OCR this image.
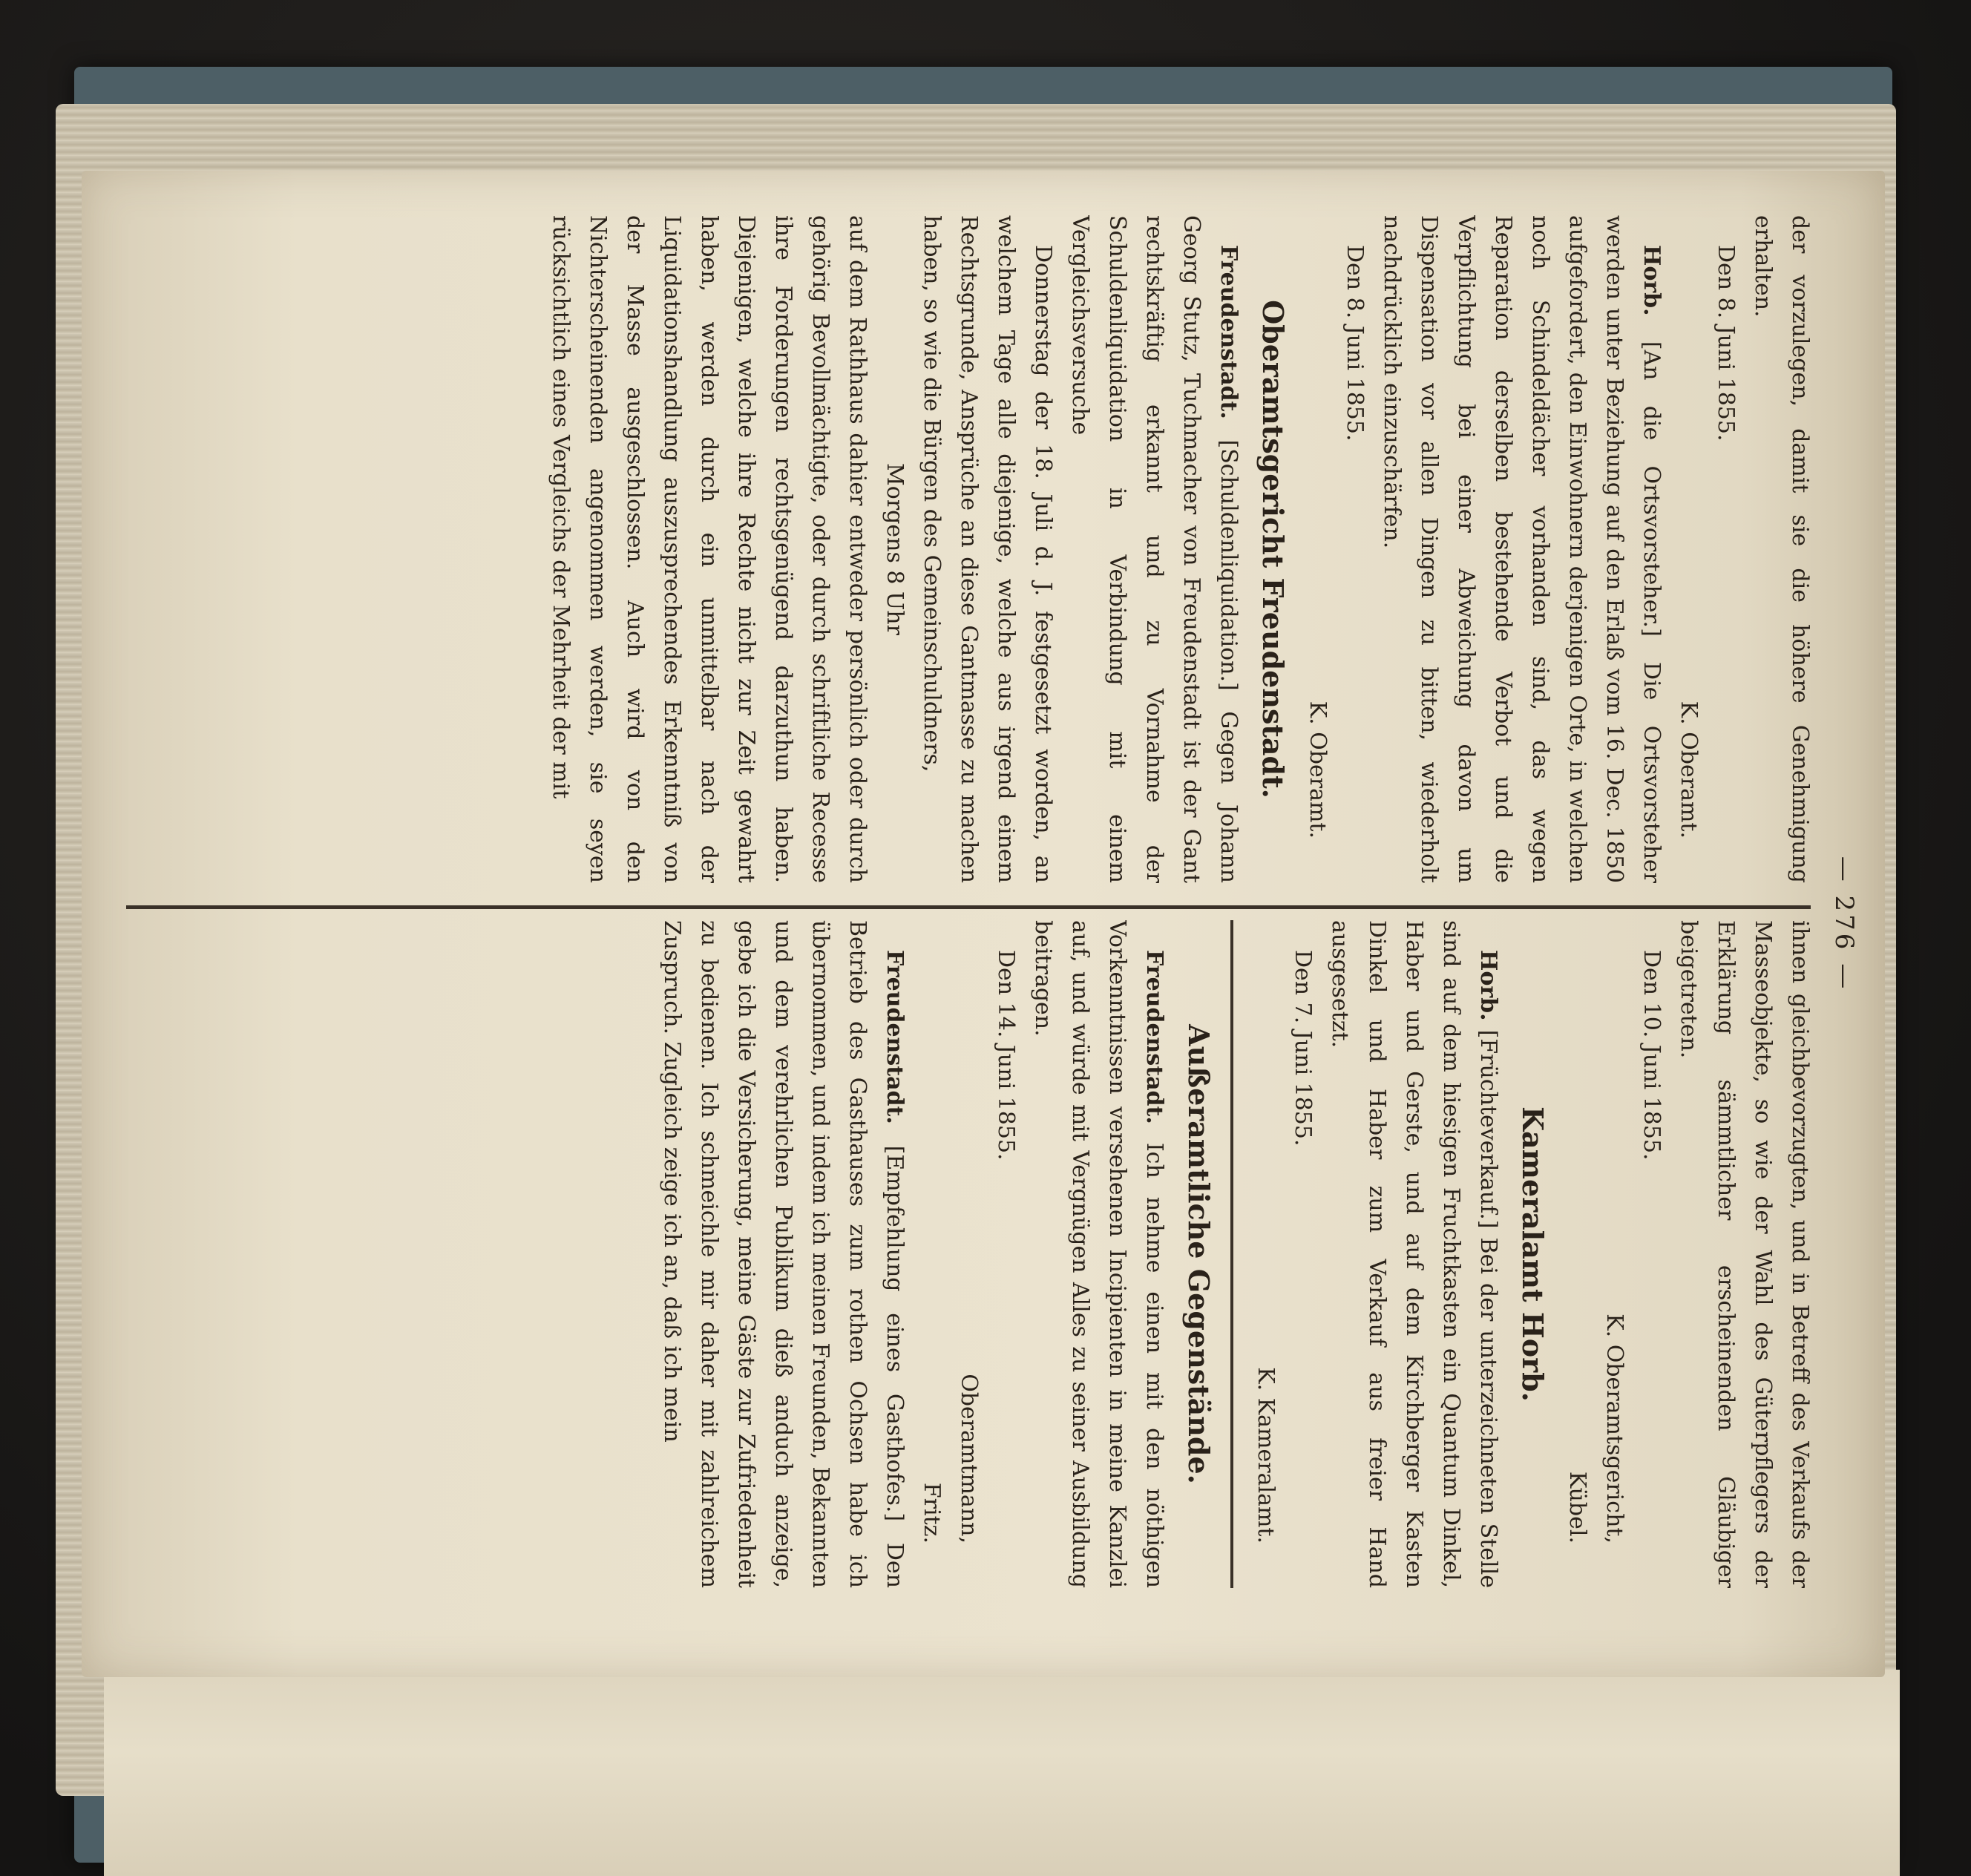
— 276 —

der vorzulegen, damit sie die höhere Genehmigung erhalten.

Den 8. Juni 1855.

K. Oberamt.

Horb. [An die Ortsvorsteher.] Die Ortsvorsteher werden unter Beziehung auf den Erlaß vom 16. Dec. 1850 aufgefordert, den Einwohnern derjenigen Orte, in welchen noch Schindeldächer vorhanden sind, das wegen Reparation derselben bestehende Verbot und die Verpflichtung bei einer Abweichung davon um Dispensation vor allen Dingen zu bitten, wiederholt nachdrücklich einzuschärfen.

Den 8. Juni 1855.

K. Oberamt.

Oberamtsgericht Freudenstadt.

Freudenstadt. [Schuldenliquidation.] Gegen Johann Georg Stutz, Tuchmacher von Freudenstadt ist der Gant rechtskräftig erkannt und zu Vornahme der Schuldenliquidation in Verbindung mit einem Vergleichsversuche

Donnerstag der 18. Juli d. J. festgesetzt worden, an welchem Tage alle diejenige, welche aus irgend einem Rechtsgrunde, Ansprüche an diese Gantmasse zu machen haben, so wie die Bürgen des Gemeinschuldners,

Morgens 8 Uhr

auf dem Rathhaus dahier entweder persönlich oder durch gehörig Bevollmächtigte, oder durch schriftliche Recesse ihre Forderungen rechtsgenügend darzuthun haben. Diejenigen, welche ihre Rechte nicht zur Zeit gewahrt haben, werden durch ein unmittelbar nach der Liquidationshandlung auszusprechendes Erkenntniß von der Masse ausgeschlossen. Auch wird von den Nichterscheinenden angenommen werden, sie seyen rücksichtlich eines Vergleichs der Mehrheit der mit

ihnen gleichbevorzugten, und in Betreff des Verkaufs der Masseobjekte, so wie der Wahl des Güterpflegers der Erklärung sämmtlicher erscheinenden Gläubiger beigetreten.

Den 10. Juni 1855.

K. Oberamtsgericht,

Kübel.

Kameralamt Horb.

Horb. [Früchteverkauf.] Bei der unterzeichneten Stelle sind auf dem hiesigen Fruchtkasten ein Quantum Dinkel, Haber und Gerste, und auf dem Kirchberger Kasten Dinkel und Haber zum Verkauf aus freier Hand ausgesetzt.

Den 7. Juni 1855.

K. Kameralamt.

Außeramtliche Gegenstände.

Freudenstadt. Ich nehme einen mit den nöthigen Vorkenntnissen versehenen Incipienten in meine Kanzlei auf, und würde mit Vergnügen Alles zu seiner Ausbildung beitragen.

Den 14. Juni 1855.

Oberamtmann,

Fritz.

Freudenstadt. [Empfehlung eines Gasthofes.] Den Betrieb des Gasthauses zum rothen Ochsen habe ich übernommen, und indem ich meinen Freunden, Bekannten und dem verehrlichen Publikum dieß anduch anzeige, gebe ich die Versicherung, meine Gäste zur Zufriedenheit zu bedienen. Ich schmeichle mir daher mit zahlreichem Zuspruch. Zugleich zeige ich an, daß ich mein
